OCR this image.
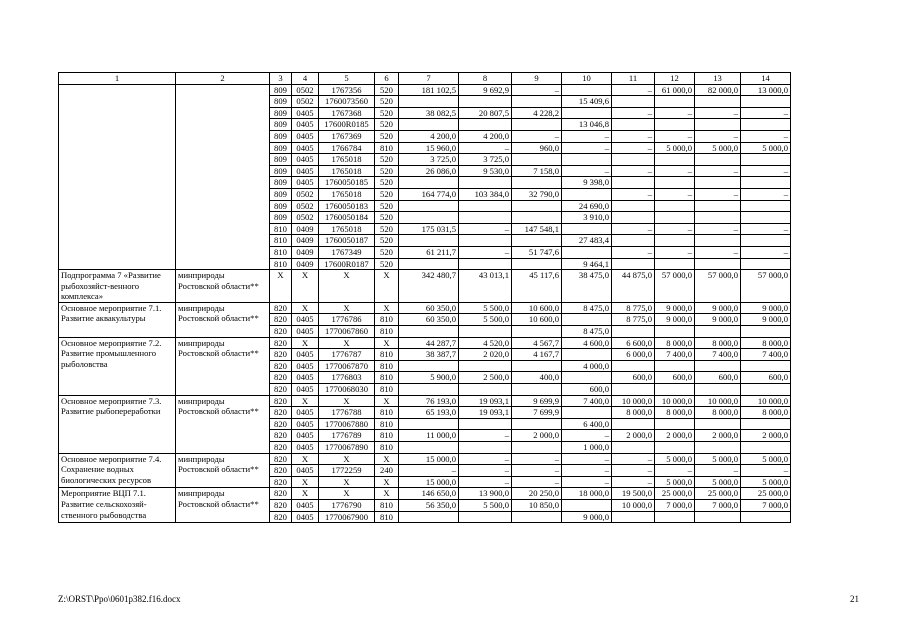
1	2	3	4	5	6	7	8	9	10	11	12	13	14
		809	0502	1767356	520	181 102,5	9 692,9	–		–	61 000,0	82 000,0	13 000,0
		809	0502	1760073560	520				15 409,6				
		809	0405	1767368	520	38 082,5	20 807,5	4 228,2		–	–	–	–
		809	0405	17600R0185	520				13 046,8				
		809	0405	1767369	520	4 200,0	4 200,0	–	–	–	–	–	–
		809	0405	1766784	810	15 960,0	–	960,0	–	–	5 000,0	5 000,0	5 000,0
		809	0405	1765018	520	3 725,0	3 725,0						
		809	0405	1765018	520	26 086,0	9 530,0	7 158,0	–	–	–	–	–
		809	0405	1760050185	520				9 398,0				
		809	0502	1765018	520	164 774,0	103 384,0	32 790,0		–	–	–	–
		809	0502	1760050183	520				24 690,0				
		809	0502	1760050184	520				3 910,0				
		810	0409	1765018	520	175 031,5	–	147 548,1		–	–	–	–
		810	0409	1760050187	520				27 483,4				
		810	0409	1767349	520	61 211,7	–	51 747,6		–	–	–	–
		810	0409	17600R0187	520				9 464,1				
Подпрограмма 7 «Развитие рыбохозяйст-венного комплекса»	минприроды Ростовской области**	X	X	X	X	342 480,7	43 013,1	45 117,6	38 475,0	44 875,0	57 000,0	57 000,0	57 000,0
Основное мероприятие 7.1. Развитие аквакультуры	минприроды Ростовской области**	820	X	X	X	60 350,0	5 500,0	10 600,0	8 475,0	8 775,0	9 000,0	9 000,0	9 000,0
		820	0405	1776786	810	60 350,0	5 500,0	10 600,0		8 775,0	9 000,0	9 000,0	9 000,0
		820	0405	1770067860	810				8 475,0				
Основное мероприятие 7.2. Развитие промышленного рыболовства	минприроды Ростовской области**	820	X	X	X	44 287,7	4 520,0	4 567,7	4 600,0	6 600,0	8 000,0	8 000,0	8 000,0
		820	0405	1776787	810	38 387,7	2 020,0	4 167,7		6 000,0	7 400,0	7 400,0	7 400,0
		820	0405	1770067870	810				4 000,0				
		820	0405	1776803	810	5 900,0	2 500,0	400,0		600,0	600,0	600,0	600,0
		820	0405	1770068030	810				600,0				
Основное мероприятие 7.3. Развитие рыбопереработки	минприроды Ростовской области**	820	X	X	X	76 193,0	19 093,1	9 699,9	7 400,0	10 000,0	10 000,0	10 000,0	10 000,0
		820	0405	1776788	810	65 193,0	19 093,1	7 699,9		8 000,0	8 000,0	8 000,0	8 000,0
		820	0405	1770067880	810				6 400,0				
		820	0405	1776789	810	11 000,0	–	2 000,0	–	2 000,0	2 000,0	2 000,0	2 000,0
		820	0405	1770067890	810				1 000,0				
Основное мероприятие 7.4. Сохранение водных биологических ресурсов	минприроды Ростовской области**	820	X	X	X	15 000,0	–	–	–	–	5 000,0	5 000,0	5 000,0
		820	0405	1772259	240	–	–	–	–	–	–	–	–
		820	X	X	X	15 000,0	–	–	–	–	5 000,0	5 000,0	5 000,0
Мероприятие ВЦП 7.1. Развитие сельскохозяй-ственного рыбоводства	минприроды Ростовской области**	820	X	X	X	146 650,0	13 900,0	20 250,0	18 000,0	19 500,0	25 000,0	25 000,0	25 000,0
		820	0405	1776790	810	56 350,0	5 500,0	10 850,0		10 000,0	7 000,0	7 000,0	7 000,0
		820	0405	1770067900	810				9 000,0				
Z:\ORST\Ppo\0601p382.f16.docx	21
